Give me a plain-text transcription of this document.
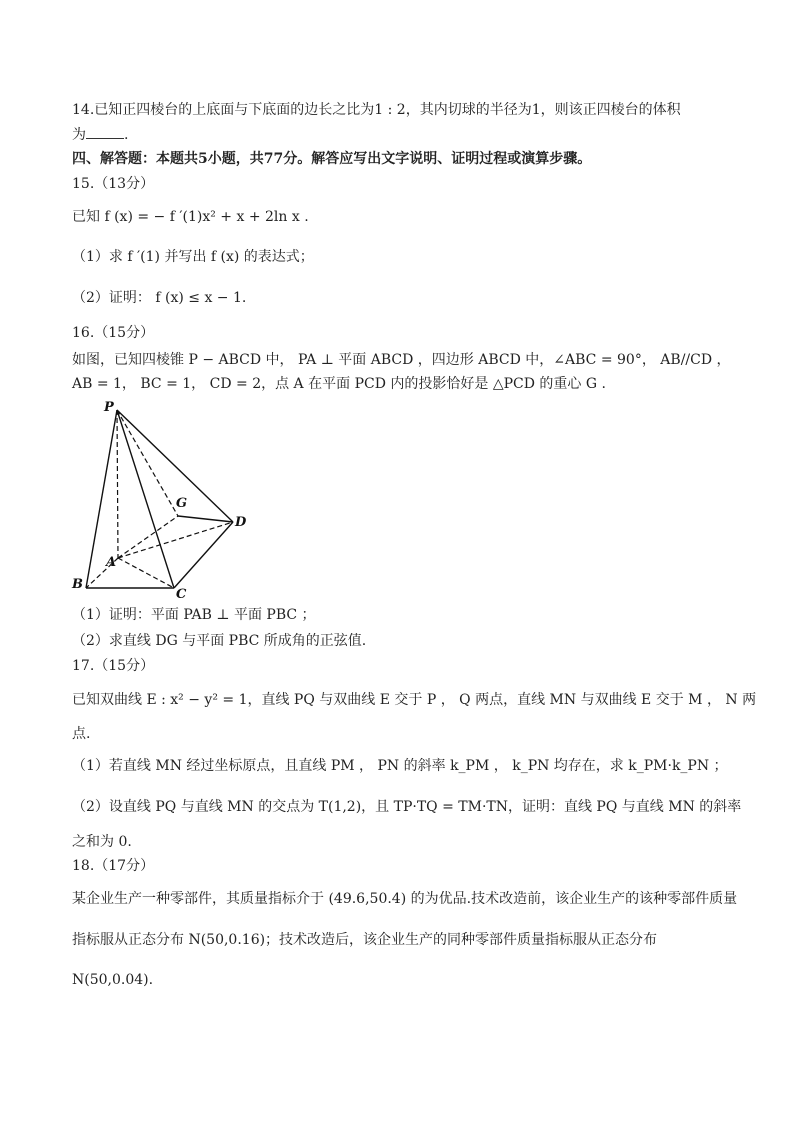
14.已知正四棱台的上底面与下底面的边长之比为1 : 2，其内切球的半径为1，则该正四棱台的体积
为	.
四、解答题：本题共5小题，共77分。解答应写出文字说明、证明过程或演算步骤。
15.（13分）
已知 f (x) = − f ′(1)x² + x + 2ln x .
（1）求 f ′(1) 并写出 f (x) 的表达式；
（2）证明： f (x) ≤ x − 1.
16.（15分）
如图，已知四棱锥 P − ABCD 中， PA ⊥ 平面 ABCD ，四边形 ABCD 中，∠ABC = 90°， AB//CD ，
AB = 1， BC = 1， CD = 2，点 A 在平面 PCD 内的投影恰好是 △PCD 的重心 G .
P
G
D
A
B
C
（1）证明：平面 PAB ⊥ 平面 PBC ；
（2）求直线 DG 与平面 PBC 所成角的正弦值.
17.（15分）
已知双曲线 E : x² − y² = 1，直线 PQ 与双曲线 E 交于 P ， Q 两点，直线 MN 与双曲线 E 交于 M ， N 两
点.
（1）若直线 MN 经过坐标原点，且直线 PM ， PN 的斜率 k_PM ， k_PN 均存在，求 k_PM·k_PN ；
（2）设直线 PQ 与直线 MN 的交点为 T(1,2)，且 TP·TQ = TM·TN，证明：直线 PQ 与直线 MN 的斜率
之和为 0.
18.（17分）
某企业生产一种零部件，其质量指标介于 (49.6,50.4) 的为优品.技术改造前，该企业生产的该种零部件质量
指标服从正态分布 N(50,0.16)；技术改造后，该企业生产的同种零部件质量指标服从正态分布
N(50,0.04).
